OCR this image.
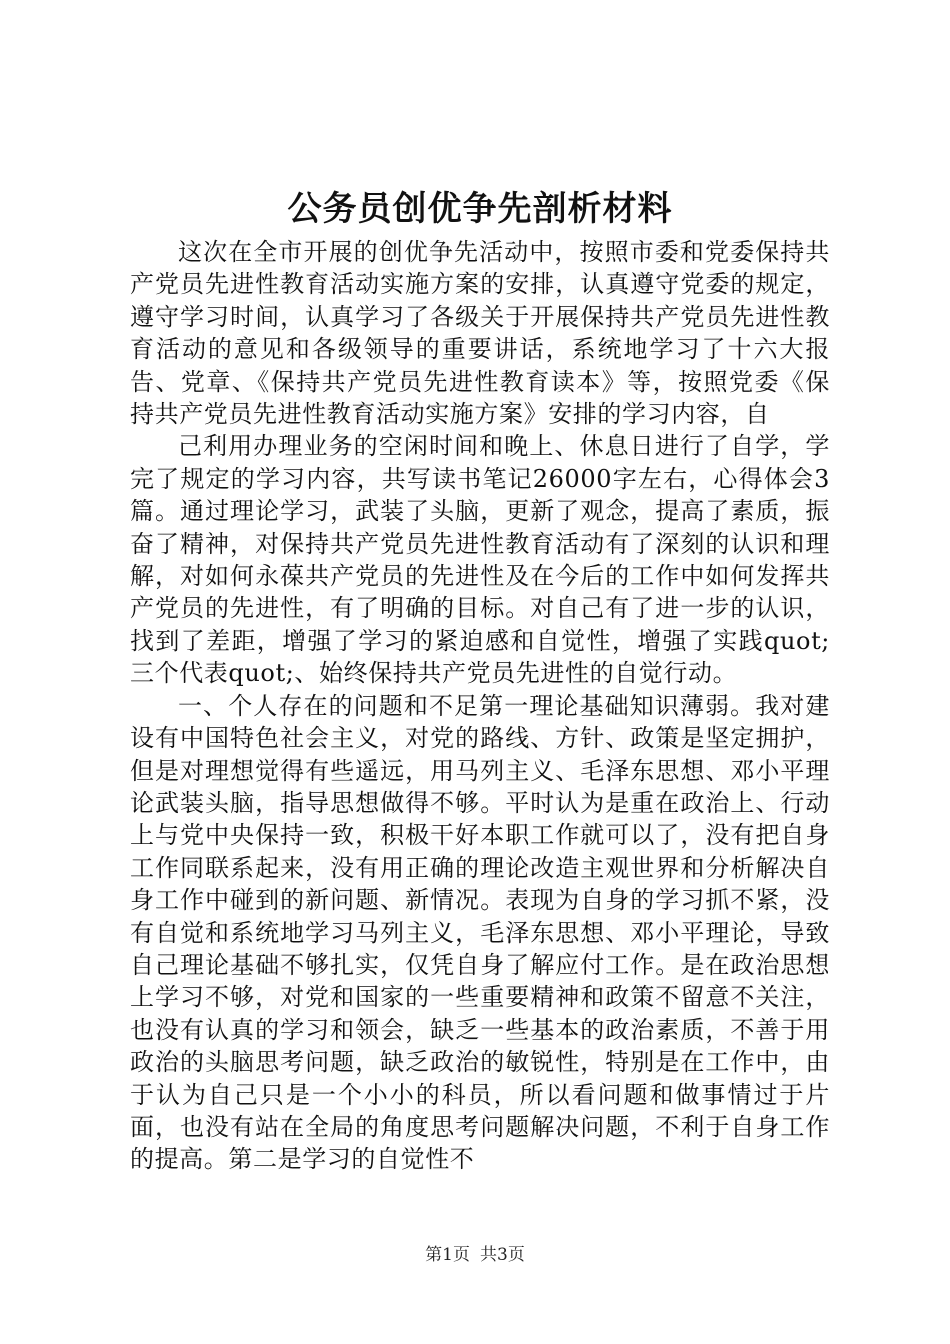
公务员创优争先剖析材料

这次在全市开展的创优争先活动中，按照市委和党委保持共产党员先进性教育活动实施方案的安排，认真遵守党委的规定，遵守学习时间，认真学习了各级关于开展保持共产党员先进性教育活动的意见和各级领导的重要讲话，系统地学习了十六大报告、党章、《保持共产党员先进性教育读本》等，按照党委《保持共产党员先进性教育活动实施方案》安排的学习内容，自

己利用办理业务的空闲时间和晚上、休息日进行了自学，学完了规定的学习内容，共写读书笔记26000字左右，心得体会3篇。通过理论学习，武装了头脑，更新了观念，提高了素质，振奋了精神，对保持共产党员先进性教育活动有了深刻的认识和理解，对如何永葆共产党员的先进性及在今后的工作中如何发挥共产党员的先进性，有了明确的目标。对自己有了进一步的认识，找到了差距，增强了学习的紧迫感和自觉性，增强了实践quot;三个代表quot;、始终保持共产党员先进性的自觉行动。

一、个人存在的问题和不足第一理论基础知识薄弱。我对建设有中国特色社会主义，对党的路线、方针、政策是坚定拥护，但是对理想觉得有些遥远，用马列主义、毛泽东思想、邓小平理论武装头脑，指导思想做得不够。平时认为是重在政治上、行动上与党中央保持一致，积极干好本职工作就可以了，没有把自身工作同联系起来，没有用正确的理论改造主观世界和分析解决自身工作中碰到的新问题、新情况。表现为自身的学习抓不紧，没有自觉和系统地学习马列主义，毛泽东思想、邓小平理论，导致自己理论基础不够扎实，仅凭自身了解应付工作。是在政治思想上学习不够，对党和国家的一些重要精神和政策不留意不关注，也没有认真的学习和领会，缺乏一些基本的政治素质，不善于用政治的头脑思考问题，缺乏政治的敏锐性，特别是在工作中，由于认为自己只是一个小小的科员，所以看问题和做事情过于片面，也没有站在全局的角度思考问题解决问题，不利于自身工作的提高。第二是学习的自觉性不

第1页 共3页
